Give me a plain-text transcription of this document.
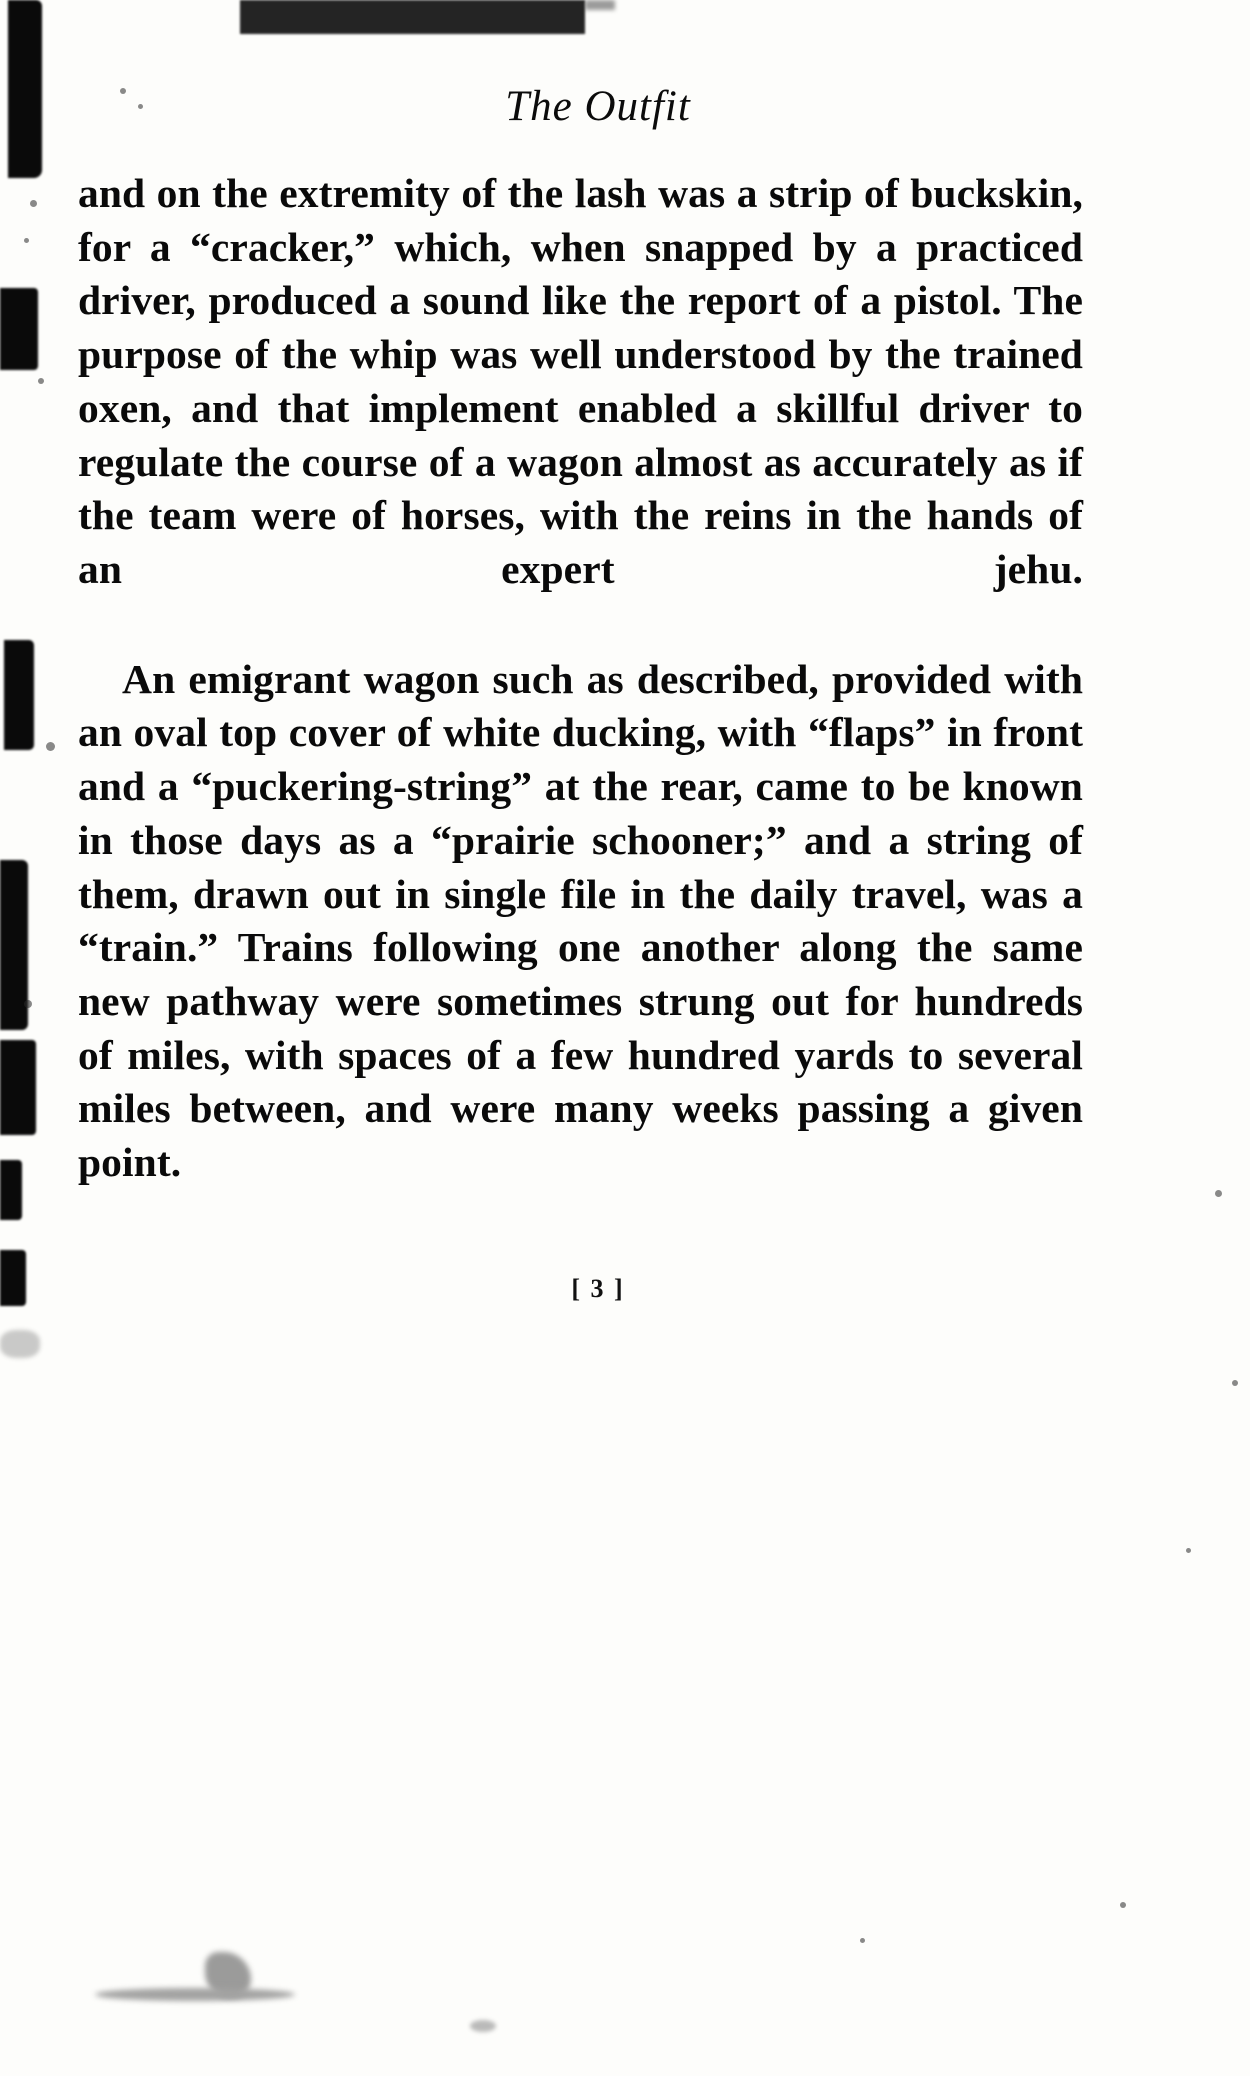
The Outfit

and on the extremity of the lash was a strip of buckskin, for a “cracker,” which, when snapped by a practiced driver, produced a sound like the report of a pistol. The purpose of the whip was well understood by the trained oxen, and that implement enabled a skillful driver to regulate the course of a wagon almost as accurately as if the team were of horses, with the reins in the hands of an expert jehu.

An emigrant wagon such as described, provided with an oval top cover of white ducking, with “flaps” in front and a “puckering-string” at the rear, came to be known in those days as a “prairie schooner;” and a string of them, drawn out in single file in the daily travel, was a “train.” Trains following one another along the same new pathway were sometimes strung out for hundreds of miles, with spaces of a few hundred yards to several miles between, and were many weeks passing a given point.

[ 3 ]
